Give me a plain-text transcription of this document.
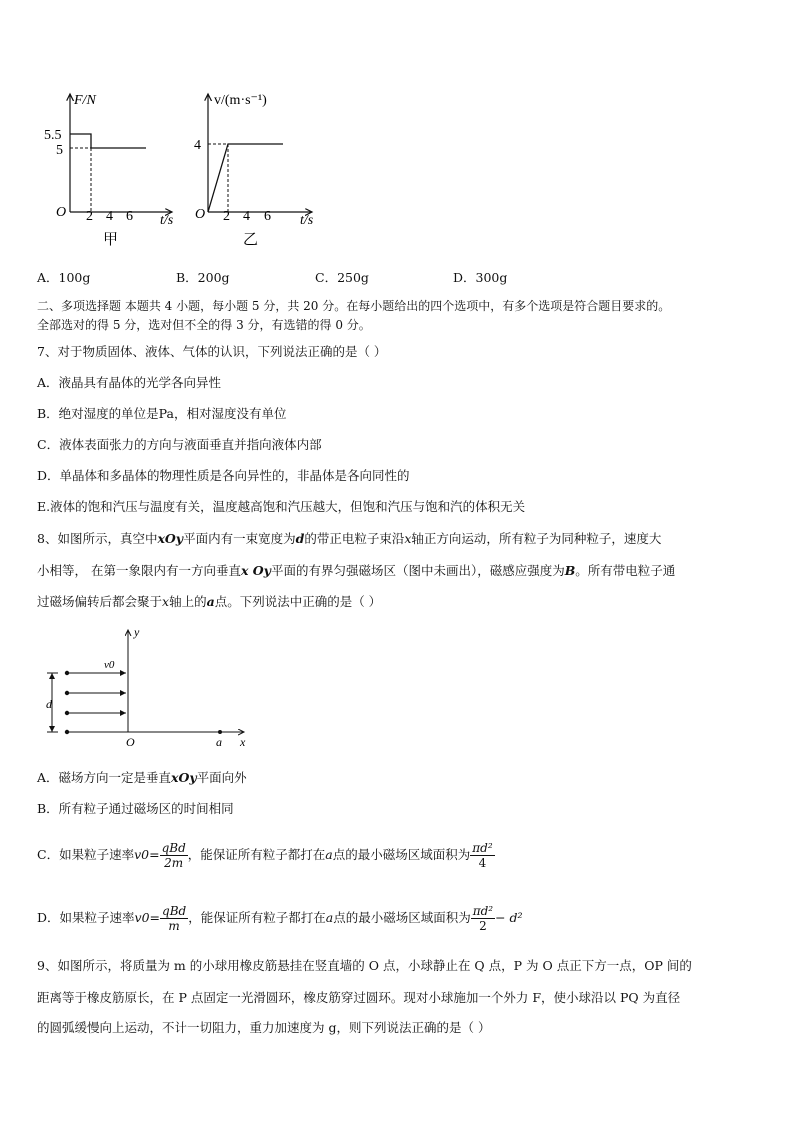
F/N
5.5
5
O 2 4 6 t/s
甲
v/(m·s⁻¹)
4
O 2 4 6 t/s
乙
A．100g	B．200g	C．250g	D．300g
二、多项选择题 本题共 4 小题，每小题 5 分，共 20 分。在每小题给出的四个选项中，有多个选项是符合题目要求的。
全部选对的得 5 分，选对但不全的得 3 分，有选错的得 0 分。
7、对于物质固体、液体、气体的认识，下列说法正确的是（ ）
A．液晶具有晶体的光学各向异性
B．绝对湿度的单位是Pa，相对湿度没有单位
C．液体表面张力的方向与液面垂直并指向液体内部
D．单晶体和多晶体的物理性质是各向异性的，非晶体是各向同性的
E.液体的饱和汽压与温度有关，温度越高饱和汽压越大，但饱和汽压与饱和汽的体积无关
8、如图所示，真空中xOy平面内有一束宽度为d的带正电粒子束沿x轴正方向运动，所有粒子为同种粒子，速度大
小相等， 在第一象限内有一方向垂直x Oy平面的有界匀强磁场区（图中未画出），磁感应强度为B。所有带电粒子通
过磁场偏转后都会聚于x轴上的a点。下列说法中正确的是（ ）
y
v0
d
O	a x
A．磁场方向一定是垂直xOy平面向外
B．所有粒子通过磁场区的时间相同
C．如果粒子速率$v0= \frac{\text{qBd}}{2m}$ ，能保证所有粒子都打在a点的最小磁场区域面积为 $\frac{\text{πd²}}{4}$
D．如果粒子速率$v0= \frac{\text{qBd}}{m}$ ，能保证所有粒子都打在a点的最小磁场区域面积为 $\frac{\text{πd²}}{2} - d^2$
9、如图所示，将质量为 m 的小球用橡皮筋悬挂在竖直墙的 O 点，小球静止在 Q 点，P 为 O 点正下方一点，OP 间的
距离等于橡皮筋原长，在 P 点固定一光滑圆环，橡皮筋穿过圆环。现对小球施加一个外力 F，使小球沿以 PQ 为直径
的圆弧缓慢向上运动，不计一切阻力，重力加速度为 g，则下列说法正确的是（ ）
